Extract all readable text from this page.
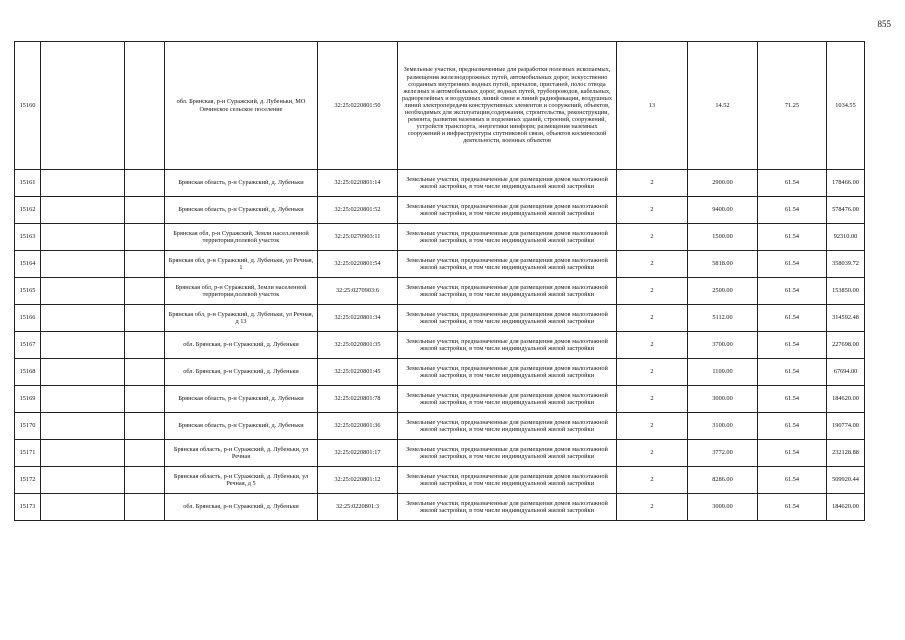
855
15160			обл. Брянская, р-н Суражский, д. Лубеньки, МО Овчинское сельское поселение	32:25:0220801:50	Земельные участки, предназначенные для разработки полезных ископаемых, размещения железнодорожных путей, автомобильных дорог, искусственно созданных внутренних водных путей, причалов, пристаней, полос отвода железных и автомобильных дорог, водных путей, трубопроводов, кабельных, радиорелейных и воздушных линий связи и линий радиофикации, воздушных линий электропередачи конструктивных элементов и сооружений, объектов, необходимых для эксплуатации,содержания, строительства, реконструкции, ремонта, развития наземных и подземных зданий, строений, сооружений, устройств транспорта, энергетики иинформ; размещения наземных сооружений и инфраструктуры спутниковой связи, объектов космической деятельности, военных объектов	13	14.52	71.25	1034.55
15161			Брянская область, р-н Суражский, д. Лубеньки	32:25:0220801:14	Земельные участки, предназначенные для размещения домов малоэтажной жилой застройки, в том числе индивидуальной жилой застройки	2	2900.00	61.54	178466.00
15162			Брянская область, р-н Суражский, д. Лубеньки	32:25:0220801:52	Земельные участки, предназначенные для размещения домов малоэтажной жилой застройки, в том числе индивидуальной жилой застройки	2	9400.00	61.54	578476.00
15163			Брянская обл, р-н Суражский, Земли насел.ленной территории,полевой участок	32:25:0270903:11	Земельные участки, предназначенные для размещения домов малоэтажной жилой застройки, в том числе индивидуальной жилой застройки	2	1500.00	61.54	92310.00
15164			Брянская обл, р-н Суражский, д. Лубеньки, ул Речная, 1	32:25:0220801:54	Земельные участки, предназначенные для размещения домов малоэтажной жилой застройки, в том числе индивидуальной жилой застройки	2	5818.00	61.54	358039.72
15165			Брянская обл, р-н Суражский, Земли населенной территории,полевой участок	32:25:0270903:6	Земельные участки, предназначенные для размещения домов малоэтажной жилой застройки, в том числе индивидуальной жилой застройки	2	2500.00	61.54	153850.00
15166			Брянская обл, р-н Суражский, д. Лубеньки, ул Речная, д 13	32:25:0220801:34	Земельные участки, предназначенные для размещения домов малоэтажной жилой застройки, в том числе индивидуальной жилой застройки	2	5112.00	61.54	314592.48
15167			обл. Брянская, р-н Суражский, д. Лубеньки	32:25:0220801:35	Земельные участки, предназначенные для размещения домов малоэтажной жилой застройки, в том числе индивидуальной жилой застройки	2	3700.00	61.54	227698.00
15168			обл. Брянская, р-н Суражский, д. Лубеньки	32:25:0220801:45	Земельные участки, предназначенные для размещения домов малоэтажной жилой застройки, в том числе индивидуальной жилой застройки	2	1100.00	61.54	67694.00
15169			Брянская область, р-н Суражский, д. Лубеньки	32:25:0220801:78	Земельные участки, предназначенные для размещения домов малоэтажной жилой застройки, в том числе индивидуальной жилой застройки	2	3000.00	61.54	184620.00
15170			Брянская область, р-н Суражский, д. Лубеньки	32:25:0220801:36	Земельные участки, предназначенные для размещения домов малоэтажной жилой застройки, в том числе индивидуальной жилой застройки	2	3100.00	61.54	190774.00
15171			Брянская область, р-н Суражский, д. Лубеньки, ул Речная	32:25:0220801:17	Земельные участки, предназначенные для размещения домов малоэтажной жилой застройки, в том числе индивидуальной жилой застройки	2	3772.00	61.54	232128.88
15172			Брянская область, р-н Суражский, д. Лубеньки, ул Речная, д 5	32:25:0220801:12	Земельные участки, предназначенные для размещения домов малоэтажной жилой застройки, в том числе индивидуальной жилой застройки	2	8286.00	61.54	509920.44
15173			обл. Брянская, р-н Суражский, д. Лубеньки	32:25:0220801:3	Земельные участки, предназначенные для размещения домов малоэтажной жилой застройки, в том числе индивидуальной жилой застройки	2	3000.00	61.54	184620.00
